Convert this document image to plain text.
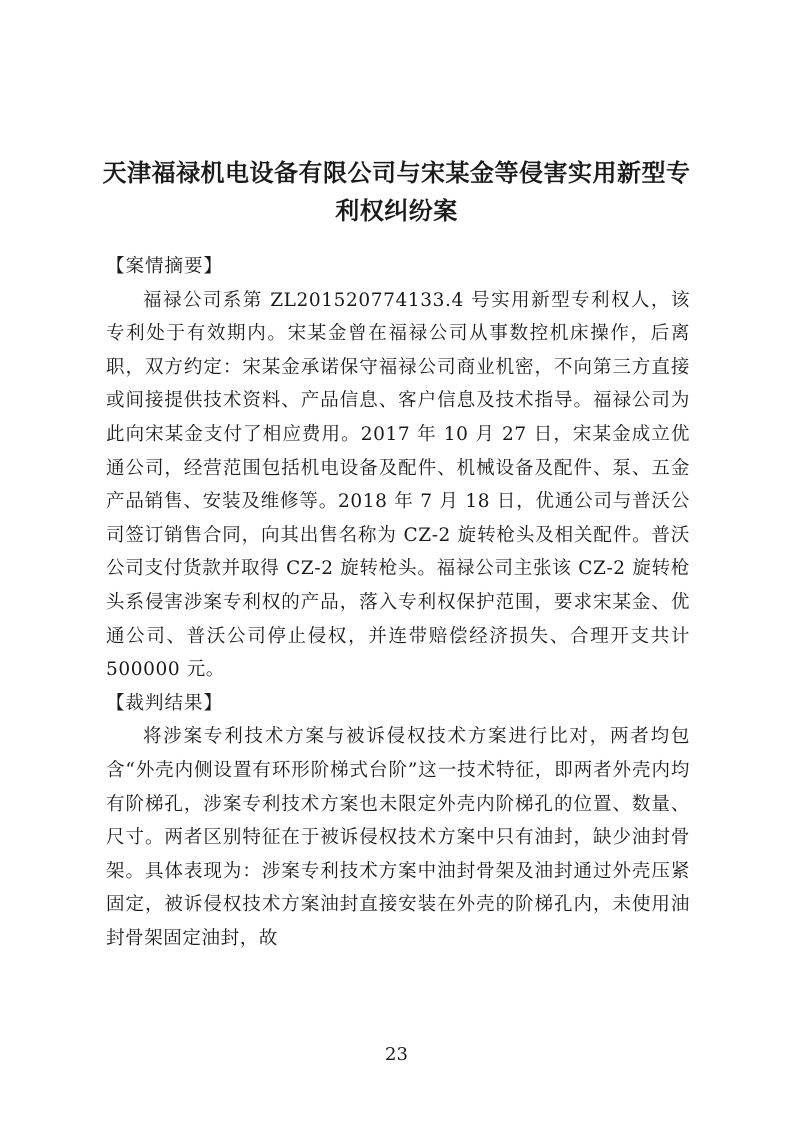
天津福禄机电设备有限公司与宋某金等侵害实用新型专利权纠纷案

【案情摘要】

福禄公司系第 ZL201520774133.4 号实用新型专利权人，该专利处于有效期内。宋某金曾在福禄公司从事数控机床操作，后离职，双方约定：宋某金承诺保守福禄公司商业机密，不向第三方直接或间接提供技术资料、产品信息、客户信息及技术指导。福禄公司为此向宋某金支付了相应费用。2017 年 10 月 27 日，宋某金成立优通公司，经营范围包括机电设备及配件、机械设备及配件、泵、五金产品销售、安装及维修等。2018 年 7 月 18 日，优通公司与普沃公司签订销售合同，向其出售名称为 CZ-2 旋转枪头及相关配件。普沃公司支付货款并取得 CZ-2 旋转枪头。福禄公司主张该 CZ-2 旋转枪头系侵害涉案专利权的产品，落入专利权保护范围，要求宋某金、优通公司、普沃公司停止侵权，并连带赔偿经济损失、合理开支共计 500000 元。

【裁判结果】

将涉案专利技术方案与被诉侵权技术方案进行比对，两者均包含“外壳内侧设置有环形阶梯式台阶”这一技术特征，即两者外壳内均有阶梯孔，涉案专利技术方案也未限定外壳内阶梯孔的位置、数量、尺寸。两者区别特征在于被诉侵权技术方案中只有油封，缺少油封骨架。具体表现为：涉案专利技术方案中油封骨架及油封通过外壳压紧固定，被诉侵权技术方案油封直接安装在外壳的阶梯孔内，未使用油封骨架固定油封，故

23
